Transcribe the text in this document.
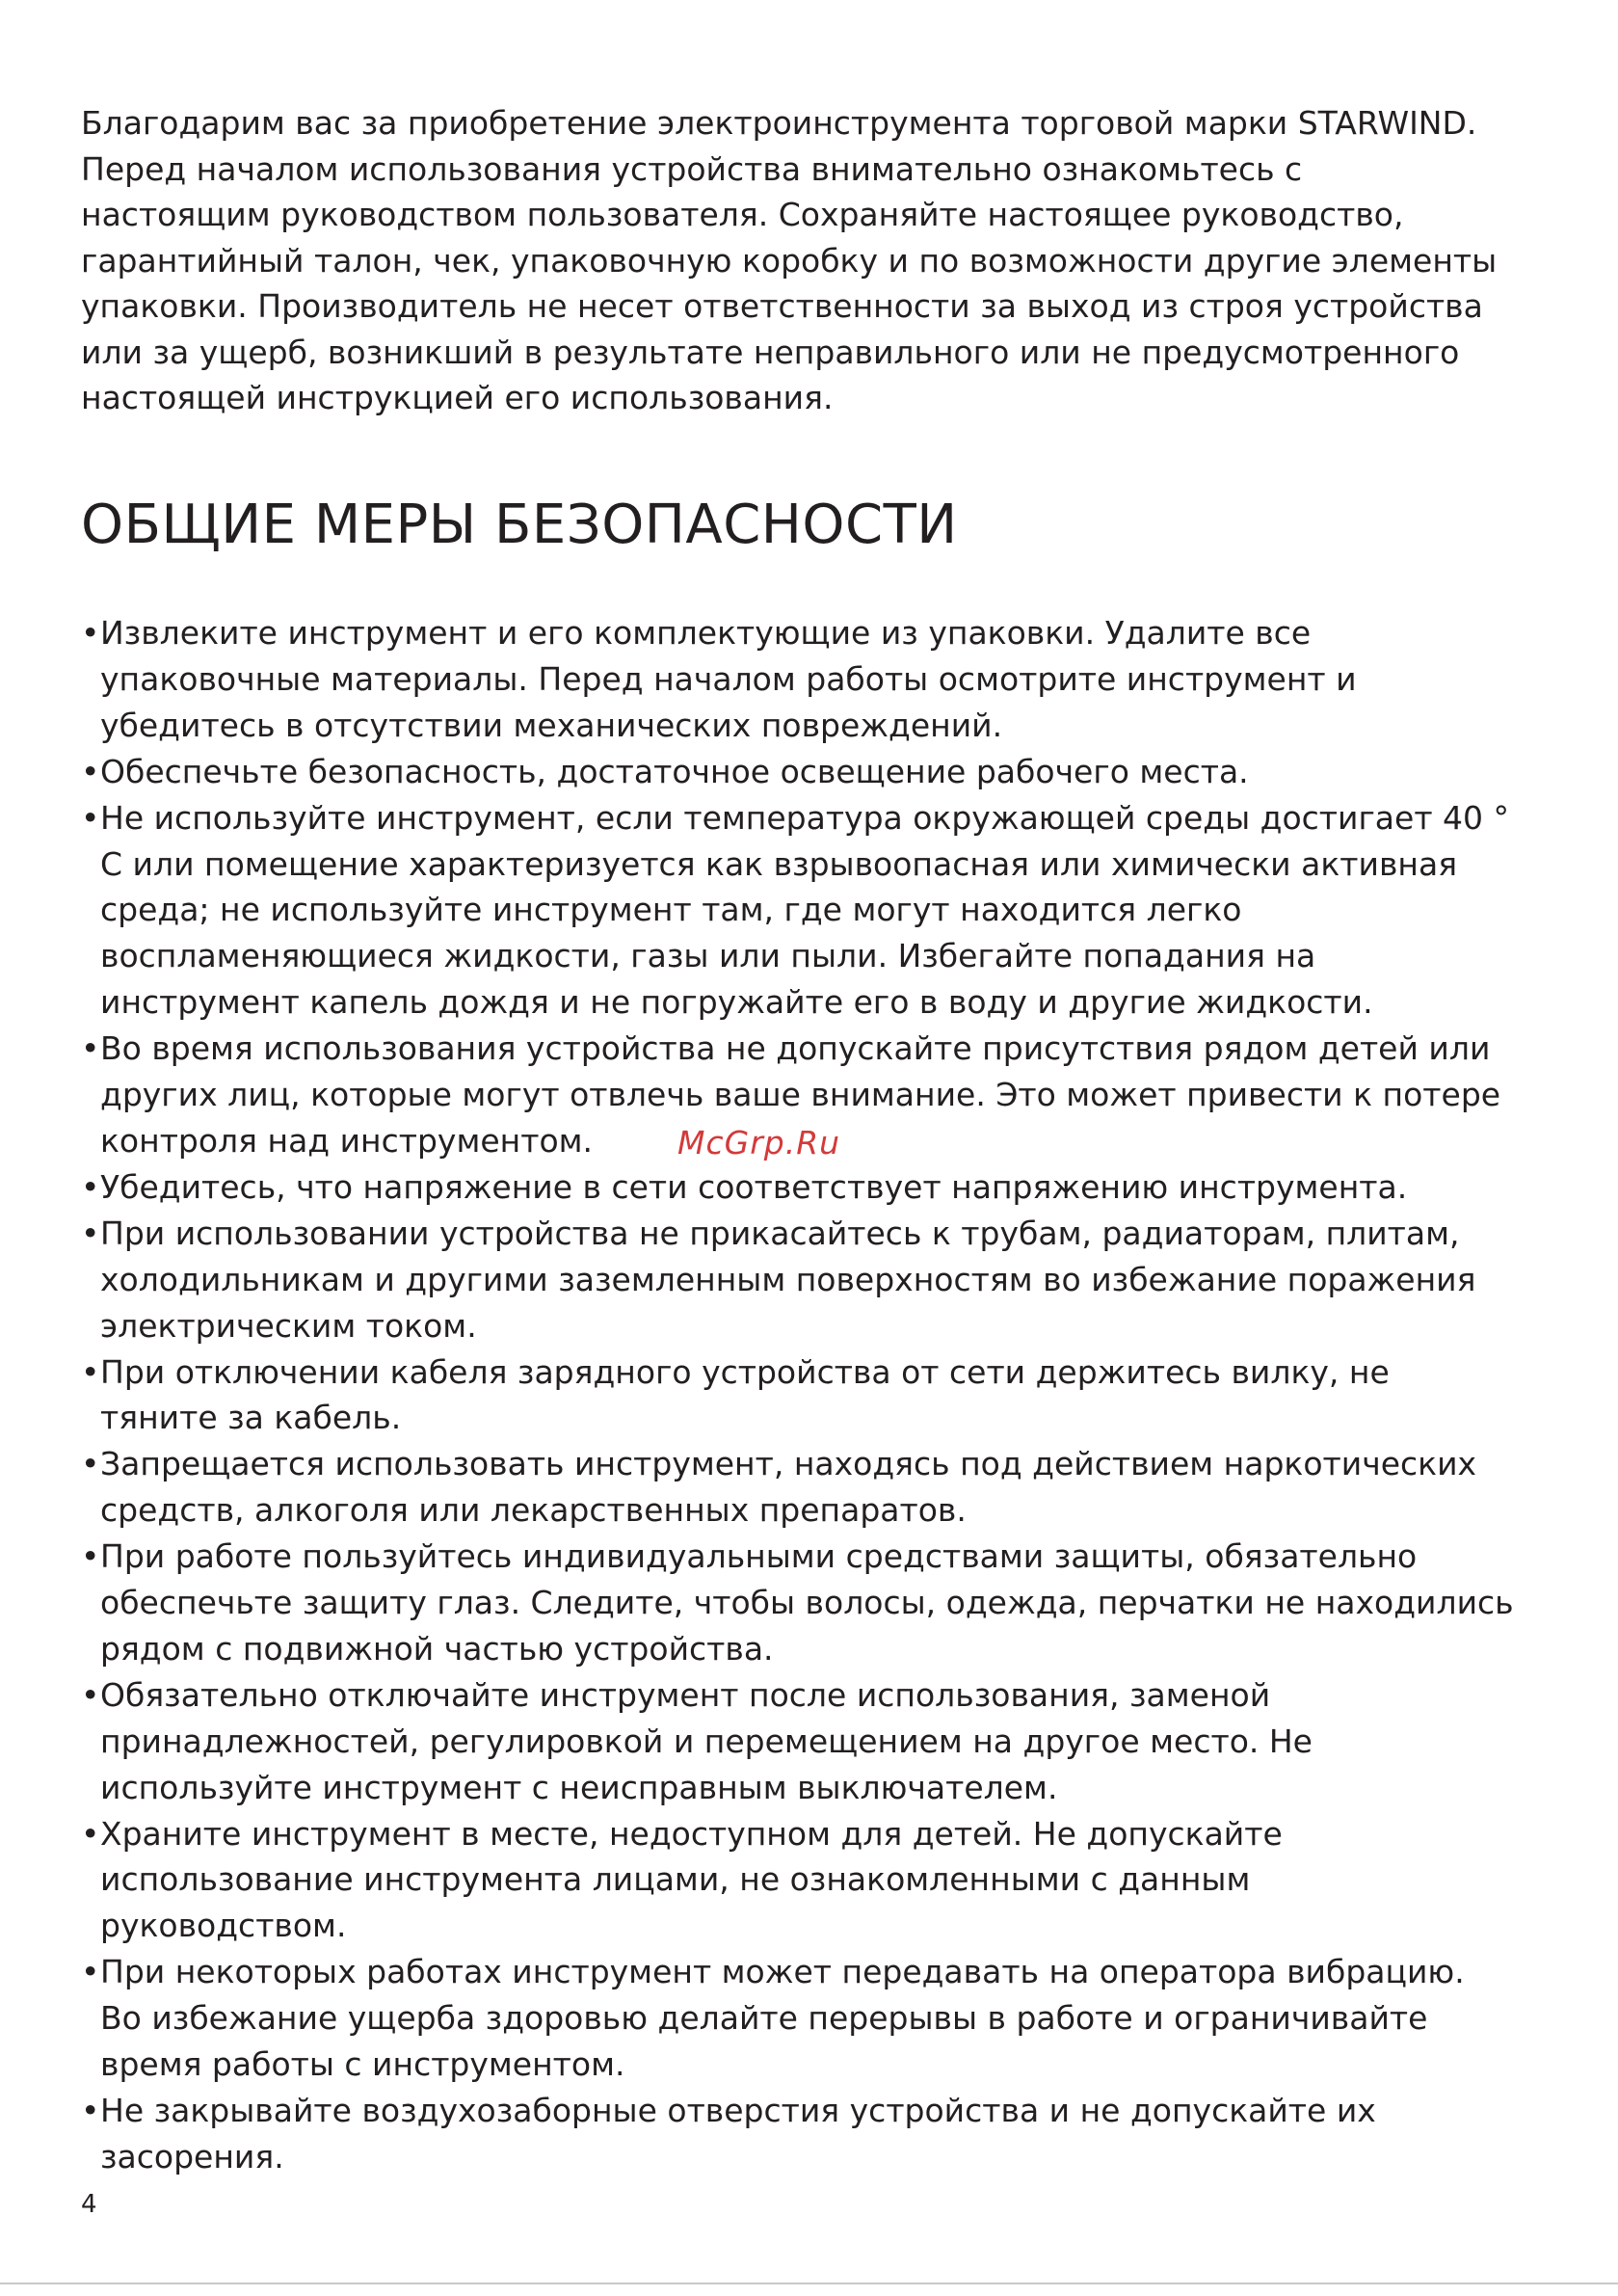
Благодарим вас за приобретение электроинструмента торговой марки STARWIND.
Перед началом использования устройства внимательно ознакомьтесь с
настоящим руководством пользователя. Сохраняйте настоящее руководство,
гарантийный талон, чек, упаковочную коробку и по возможности другие элементы
упаковки. Производитель не несет ответственности за выход из строя устройства
или за ущерб, возникший в результате неправильного или не предусмотренного
настоящей инструкцией его использования.

ОБЩИЕ МЕРЫ БЕЗОПАСНОСТИ
• Извлеките инструмент и его комплектующие из упаковки. Удалите все
упаковочные материалы. Перед началом работы осмотрите инструмент и
убедитесь в отсутствии механических повреждений.
• Обеспечьте безопасность, достаточное освещение рабочего места.
• Не используйте инструмент, если температура окружающей среды достигает 40 °
С или помещение характеризуется как взрывоопасная или химически активная
среда; не используйте инструмент там, где могут находится легко
воспламеняющиеся жидкости, газы или пыли. Избегайте попадания на
инструмент капель дождя и не погружайте его в воду и другие жидкости.
• Во время использования устройства не допускайте присутствия рядом детей или
других лиц, которые могут отвлечь ваше внимание. Это может привести к потере
контроля над инструментом.
• Убедитесь, что напряжение в сети соответствует напряжению инструмента.
• При использовании устройства не прикасайтесь к трубам, радиаторам, плитам,
холодильникам и другими заземленным поверхностям во избежание поражения
электрическим током.
• При отключении кабеля зарядного устройства от сети держитесь вилку, не
тяните за кабель.
• Запрещается использовать инструмент, находясь под действием наркотических
средств, алкоголя или лекарственных препаратов.
• При работе пользуйтесь индивидуальными средствами защиты, обязательно
обеспечьте защиту глаз. Следите, чтобы волосы, одежда, перчатки не находились
рядом с подвижной частью устройства.
• Обязательно отключайте инструмент после использования, заменой
принадлежностей, регулировкой и перемещением на другое место. Не
используйте инструмент с неисправным выключателем.
• Храните инструмент в месте, недоступном для детей. Не допускайте
использование инструмента лицами, не ознакомленными с данным
руководством.
• При некоторых работах инструмент может передавать на оператора вибрацию.
Во избежание ущерба здоровью делайте перерывы в работе и ограничивайте
время работы с инструментом.
• Не закрывайте воздухозаборные отверстия устройства и не допускайте их
засорения.
McGrp.Ru
4
